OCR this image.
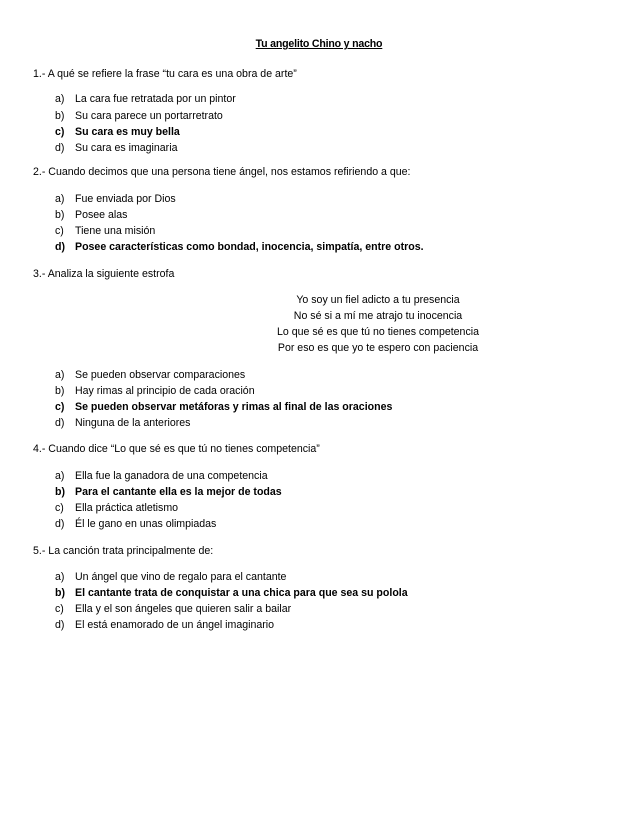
Tu angelito Chino y nacho
1.- A qué se refiere la frase “tu cara es una obra de arte”
a) La cara fue retratada por un pintor
b) Su cara parece un portarretrato
c) Su cara es muy bella
d) Su cara es imaginaria
2.- Cuando decimos que una persona tiene ángel, nos estamos refiriendo a que:
a) Fue enviada por Dios
b) Posee alas
c) Tiene una misión
d) Posee características como bondad, inocencia, simpatía, entre otros.
3.- Analiza la siguiente estrofa
Yo soy un fiel adicto a tu presencia
No sé si a mí me atrajo tu inocencia
Lo que sé es que tú no tienes competencia
Por eso es que yo te espero con paciencia
a) Se pueden observar comparaciones
b) Hay rimas al principio de cada oración
c) Se pueden observar metáforas y rimas al final de las oraciones
d) Ninguna de la anteriores
4.- Cuando dice “Lo que sé es que tú no tienes competencia”
a) Ella fue la ganadora de una competencia
b) Para el cantante ella es la mejor de todas
c) Ella práctica atletismo
d) Él le gano en unas olimpiadas
5.- La canción trata principalmente de:
a) Un ángel que vino de regalo para el cantante
b) El cantante trata de conquistar a una chica para que sea su polola
c) Ella y el son ángeles que quieren salir a bailar
d) El está enamorado de un ángel imaginario
